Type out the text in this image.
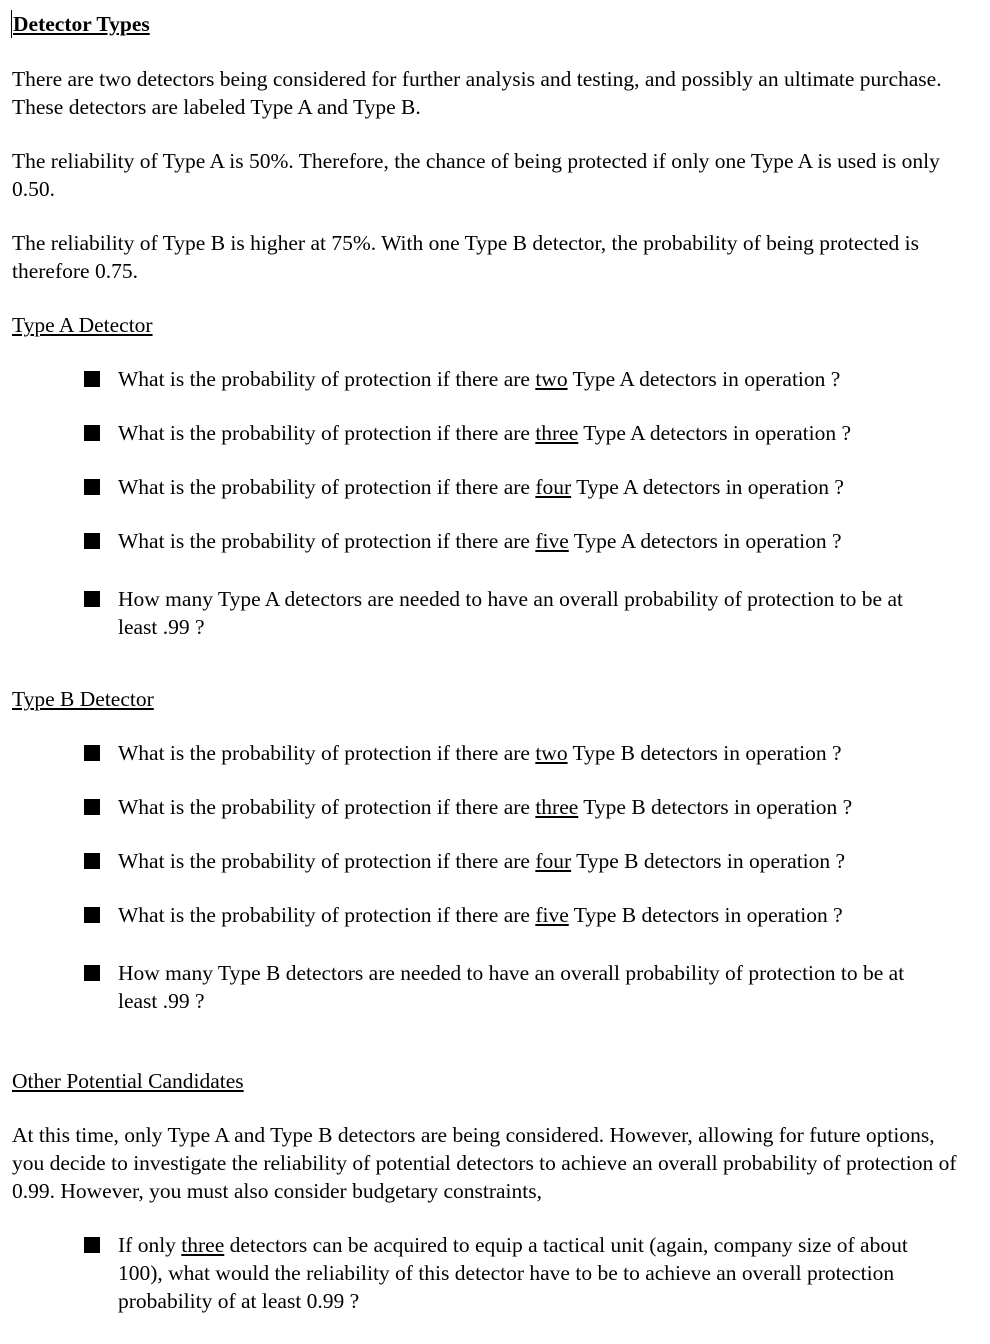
Detector Types

There are two detectors being considered for further analysis and testing, and possibly an ultimate purchase. These detectors are labeled Type A and Type B.

The reliability of Type A is 50%. Therefore, the chance of being protected if only one Type A is used is only 0.50.

The reliability of Type B is higher at 75%. With one Type B detector, the probability of being protected is therefore 0.75.

Type A Detector
What is the probability of protection if there are two Type A detectors in operation ?
What is the probability of protection if there are three Type A detectors in operation ?
What is the probability of protection if there are four Type A detectors in operation ?
What is the probability of protection if there are five Type A detectors in operation ?
How many Type A detectors are needed to have an overall probability of protection to be at least .99 ?
Type B Detector
What is the probability of protection if there are two Type B detectors in operation ?
What is the probability of protection if there are three Type B detectors in operation ?
What is the probability of protection if there are four Type B detectors in operation ?
What is the probability of protection if there are five Type B detectors in operation ?
How many Type B detectors are needed to have an overall probability of protection to be at least .99 ?
Other Potential Candidates

At this time, only Type A and Type B detectors are being considered. However, allowing for future options, you decide to investigate the reliability of potential detectors to achieve an overall probability of protection of 0.99. However, you must also consider budgetary constraints,

If only three detectors can be acquired to equip a tactical unit (again, company size of about 100), what would the reliability of this detector have to be to achieve an overall protection probability of at least 0.99 ?
